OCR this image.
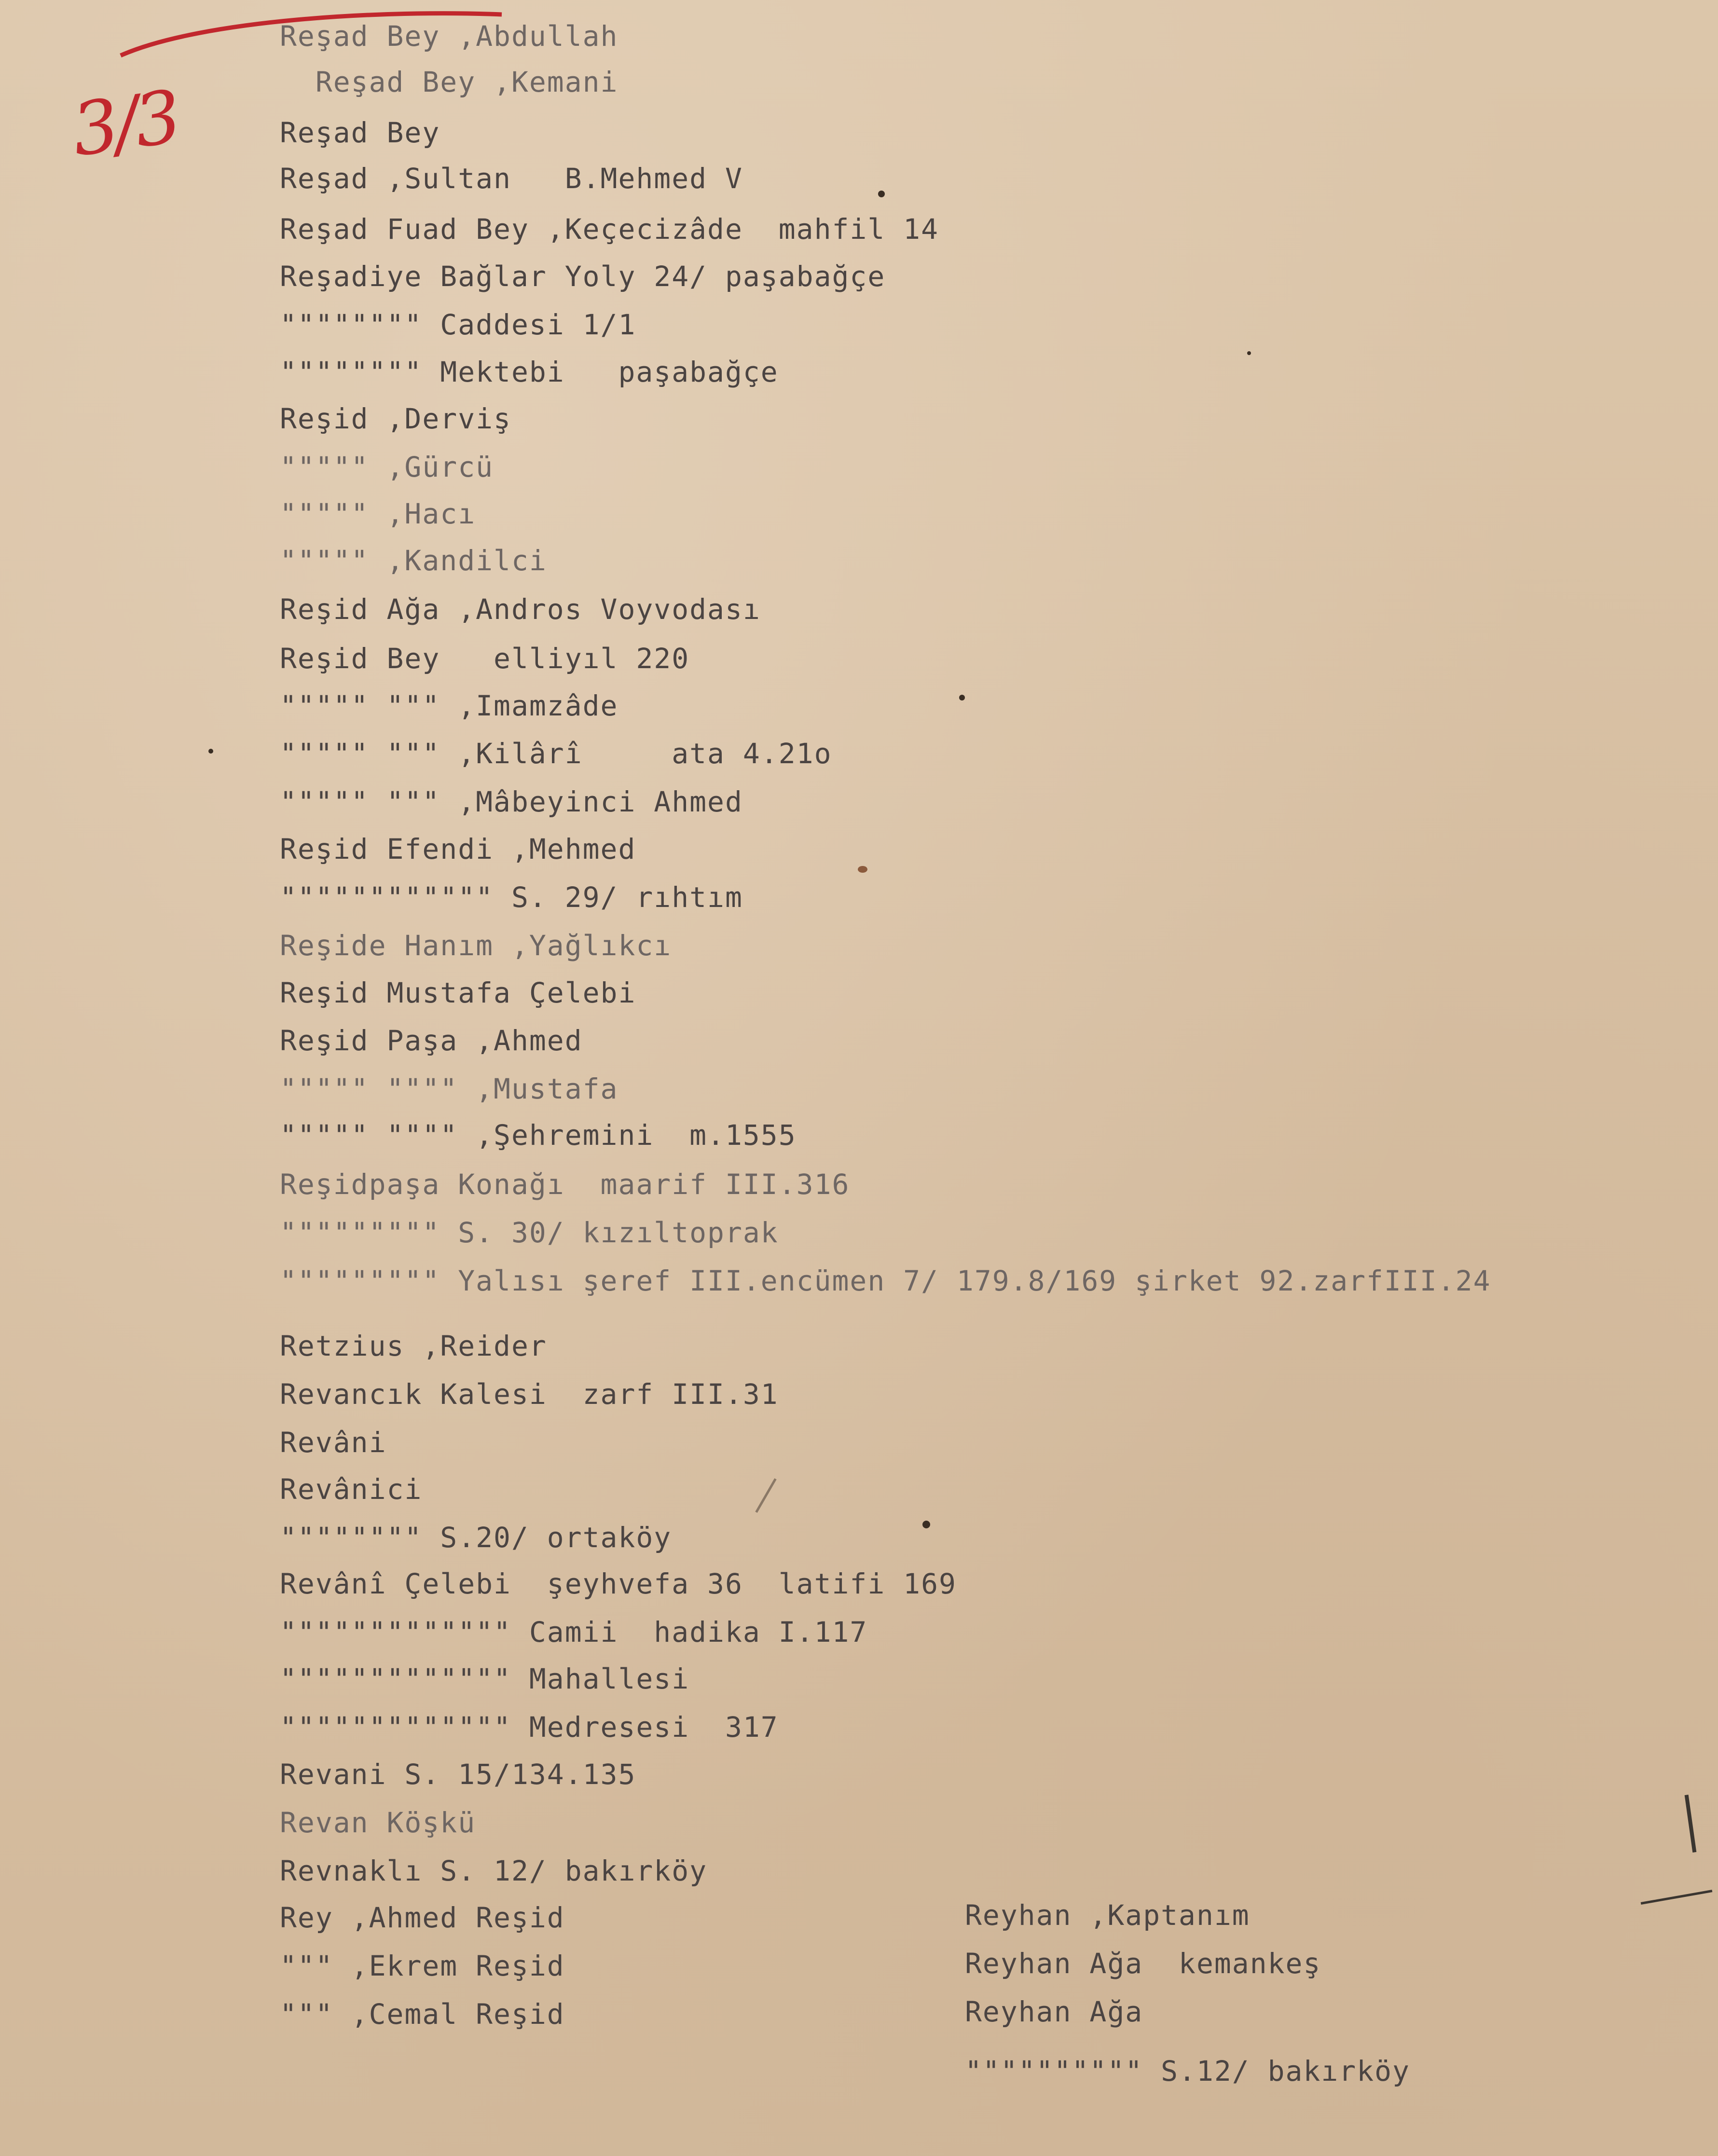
3/3
Reşad Bey ,Abdullah
Reşad Bey ,Kemani
Reşad Bey
Reşad ,Sultan   B.Mehmed V
Reşad Fuad Bey ,Keçecizâde  mahfil 14
Reşadiye Bağlar Yoly 24/ paşabağçe
"""""""" Caddesi 1/1
"""""""" Mektebi   paşabağçe
Reşid ,Derviş
""""" ,Gürcü
""""" ,Hacı
""""" ,Kandilci
Reşid Ağa ,Andros Voyvodası
Reşid Bey   elliyıl 220
""""" """ ,Imamzâde
""""" """ ,Kilârî     ata 4.21o
""""" """ ,Mâbeyinci Ahmed
Reşid Efendi ,Mehmed
"""""""""""" S. 29/ rıhtım
Reşide Hanım ,Yağlıkcı
Reşid Mustafa Çelebi
Reşid Paşa ,Ahmed
""""" """" ,Mustafa
""""" """" ,Şehremini  m.1555
Reşidpaşa Konağı  maarif III.316
""""""""" S. 30/ kızıltoprak
""""""""" Yalısı şeref III.encümen 7/ 179.8/169 şirket 92.zarfIII.24
Retzius ,Reider
Revancık Kalesi  zarf III.31
Revâni
Revânici
"""""""" S.20/ ortaköy
Revânî Çelebi  şeyhvefa 36  latifi 169
""""""""""""" Camii  hadika I.117
""""""""""""" Mahallesi
""""""""""""" Medresesi  317
Revani S. 15/134.135
Revan Köşkü
Revnaklı S. 12/ bakırköy
Rey ,Ahmed Reşid
""" ,Ekrem Reşid
""" ,Cemal Reşid
Reyhan ,Kaptanım
Reyhan Ağa  kemankeş
Reyhan Ağa
"""""""""" S.12/ bakırköy
